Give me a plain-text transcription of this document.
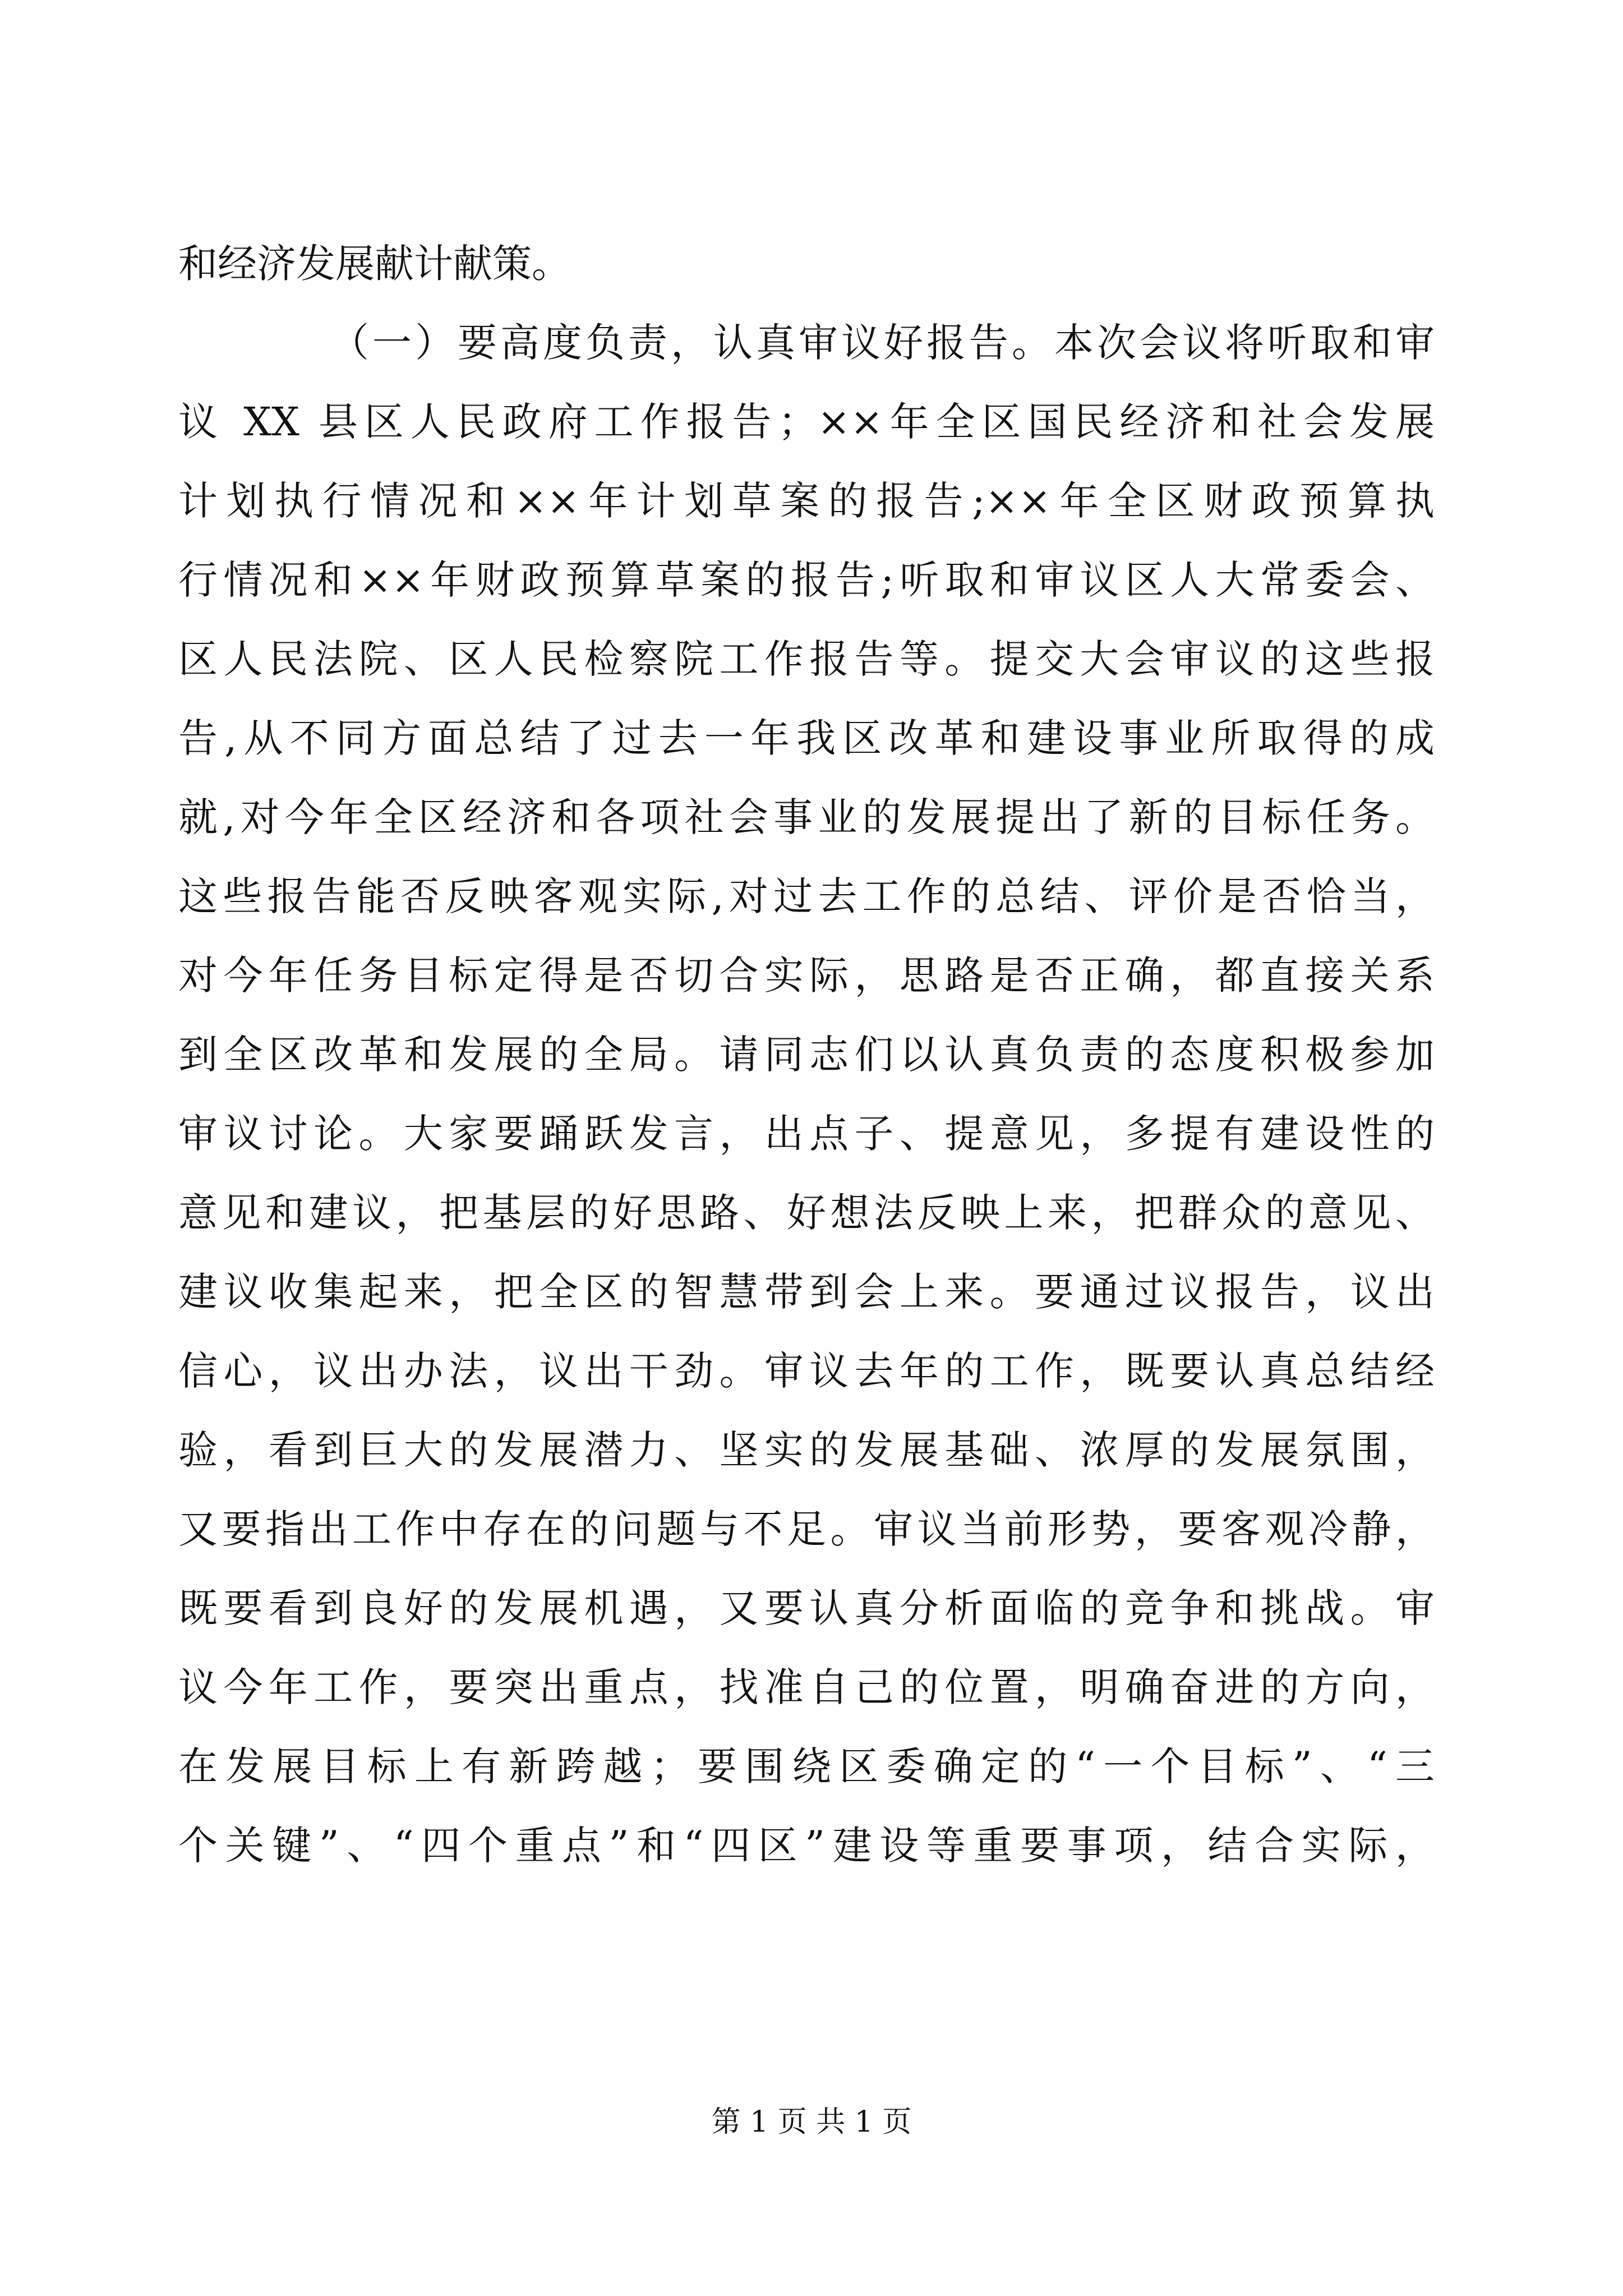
和经济发展献计献策。
（一）要高度负责，认真审议好报告。本次会议将听取和审
议 XX 县区人民政府工作报告；××年全区国民经济和社会发展
计划执行情况和××年计划草案的报告;××年全区财政预算执
行情况和××年财政预算草案的报告;听取和审议区人大常委会、
区人民法院、区人民检察院工作报告等。提交大会审议的这些报
告,从不同方面总结了过去一年我区改革和建设事业所取得的成
就,对今年全区经济和各项社会事业的发展提出了新的目标任务。
这些报告能否反映客观实际,对过去工作的总结、评价是否恰当，
对今年任务目标定得是否切合实际，思路是否正确，都直接关系
到全区改革和发展的全局。请同志们以认真负责的态度积极参加
审议讨论。大家要踊跃发言，出点子、提意见，多提有建设性的
意见和建议，把基层的好思路、好想法反映上来，把群众的意见、
建议收集起来，把全区的智慧带到会上来。要通过议报告，议出
信心，议出办法，议出干劲。审议去年的工作，既要认真总结经
验，看到巨大的发展潜力、坚实的发展基础、浓厚的发展氛围，
又要指出工作中存在的问题与不足。审议当前形势，要客观冷静，
既要看到良好的发展机遇，又要认真分析面临的竞争和挑战。审
议今年工作，要突出重点，找准自己的位置，明确奋进的方向，
在发展目标上有新跨越；要围绕区委确定的“一个目标”、“三
个关键”、“四个重点”和“四区”建设等重要事项，结合实际，
第 1 页 共 1 页
